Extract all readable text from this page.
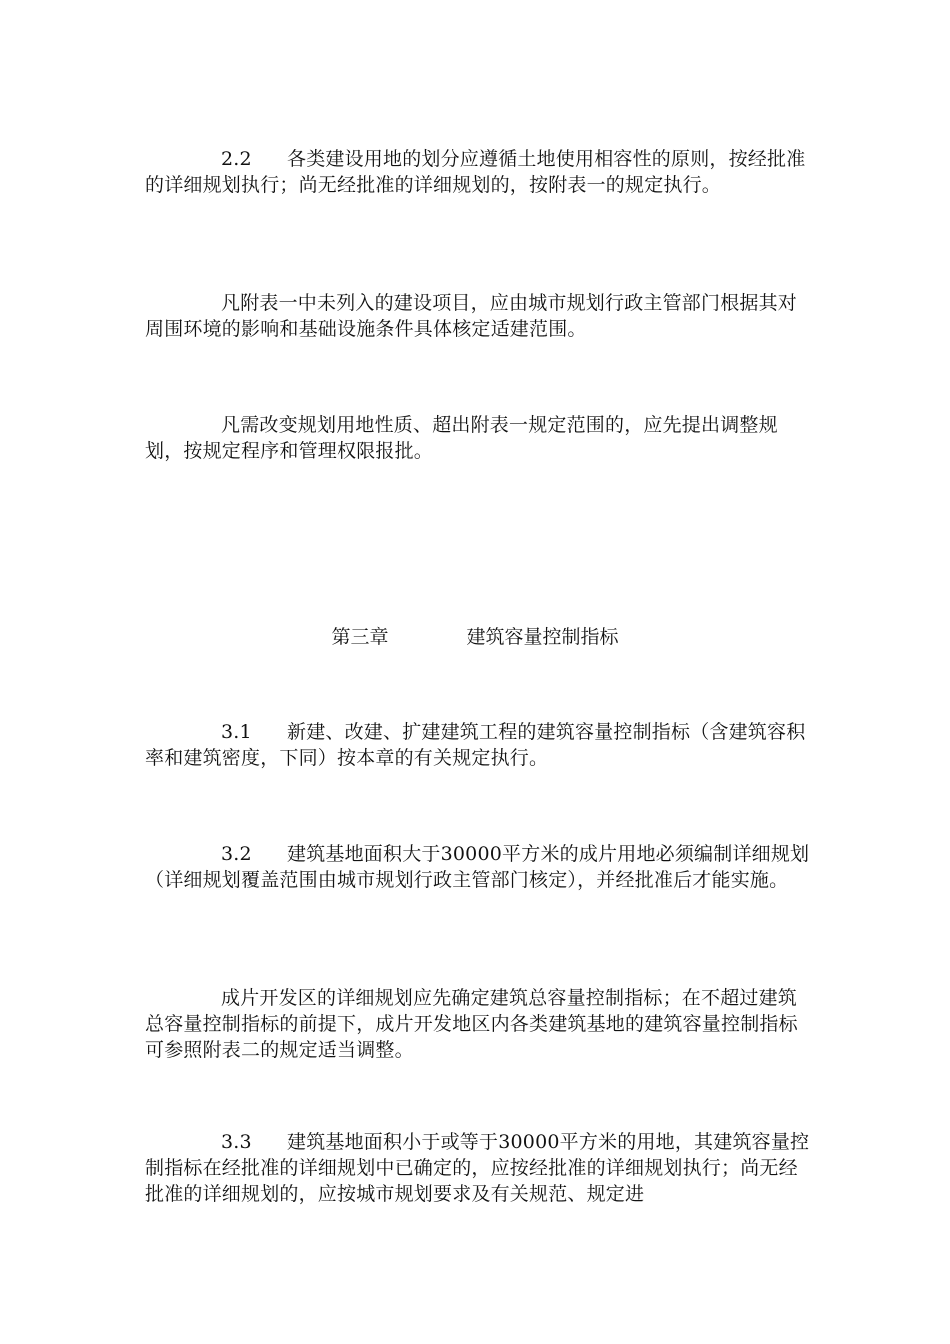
2.2 各类建设用地的划分应遵循土地使用相容性的原则，按经批准的详细规划执行；尚无经批准的详细规划的，按附表一的规定执行。

凡附表一中未列入的建设项目，应由城市规划行政主管部门根据其对周围环境的影响和基础设施条件具体核定适建范围。

凡需改变规划用地性质、超出附表一规定范围的，应先提出调整规划，按规定程序和管理权限报批。

第三章	建筑容量控制指标

3.1 新建、改建、扩建建筑工程的建筑容量控制指标（含建筑容积率和建筑密度，下同）按本章的有关规定执行。

3.2 建筑基地面积大于30000平方米的成片用地必须编制详细规划（详细规划覆盖范围由城市规划行政主管部门核定），并经批准后才能实施。

成片开发区的详细规划应先确定建筑总容量控制指标；在不超过建筑总容量控制指标的前提下，成片开发地区内各类建筑基地的建筑容量控制指标可参照附表二的规定适当调整。

3.3 建筑基地面积小于或等于30000平方米的用地，其建筑容量控制指标在经批准的详细规划中已确定的，应按经批准的详细规划执行；尚无经批准的详细规划的，应按城市规划要求及有关规范、规定进
